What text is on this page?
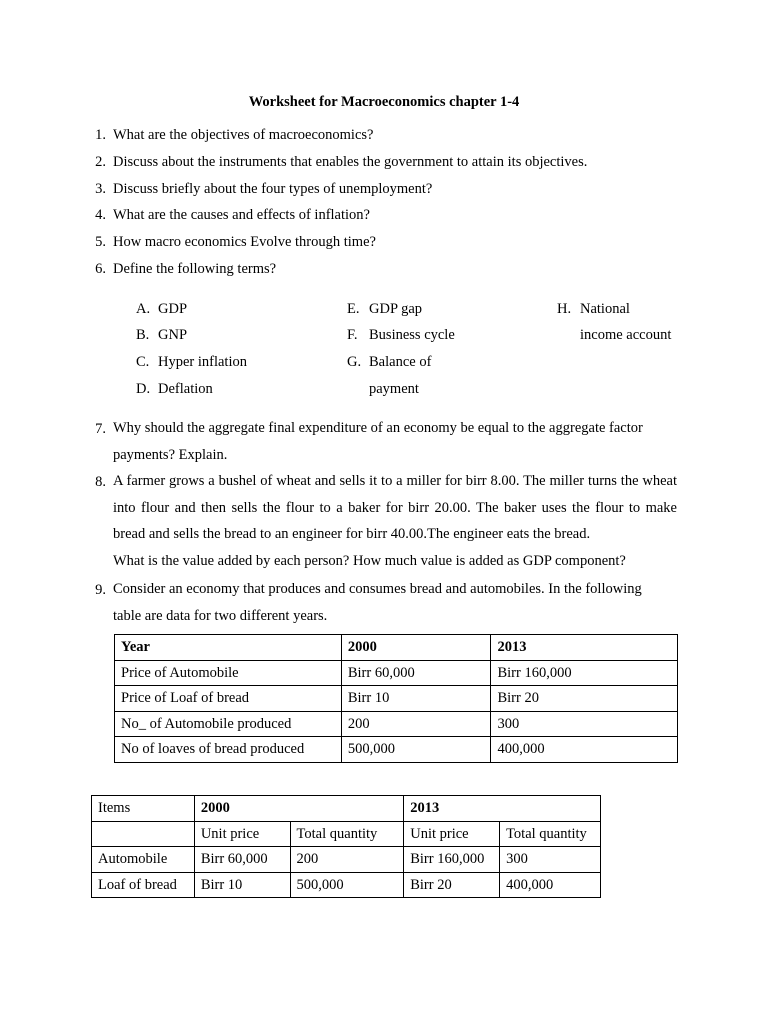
Worksheet for Macroeconomics chapter 1-4
1. What are the objectives of macroeconomics?
2. Discuss about the instruments that enables the government to attain its objectives.
3. Discuss briefly about the four types of unemployment?
4. What are the causes and effects of inflation?
5. How macro economics Evolve through time?
6. Define the following terms?
A. GDP
B. GNP
C. Hyper inflation
D. Deflation
E. GDP gap
F. Business cycle
G. Balance of
payment
H. National
income account
7. Why should the aggregate final expenditure of an economy be equal to the aggregate factor
payments? Explain.
8. A farmer grows a bushel of wheat and sells it to a miller for birr 8.00. The miller turns the wheat into flour and then sells the flour to a baker for birr 20.00. The baker uses the flour to make bread and sells the bread to an engineer for birr 40.00.The engineer eats the bread.
What is the value added by each person? How much value is added as GDP component?
9. Consider an economy that produces and consumes bread and automobiles. In the following
table are data for two different years.
Year	2000	2013
Price of Automobile	Birr 60,000	Birr 160,000
Price of Loaf of bread	Birr 10	Birr 20
No_ of Automobile produced	200	300
No of loaves of bread produced	500,000	400,000
Items	2000		2013	
	Unit price	Total quantity	Unit price	Total quantity
Automobile	Birr 60,000	200	Birr 160,000	300
Loaf of bread	Birr 10	500,000	Birr 20	400,000
